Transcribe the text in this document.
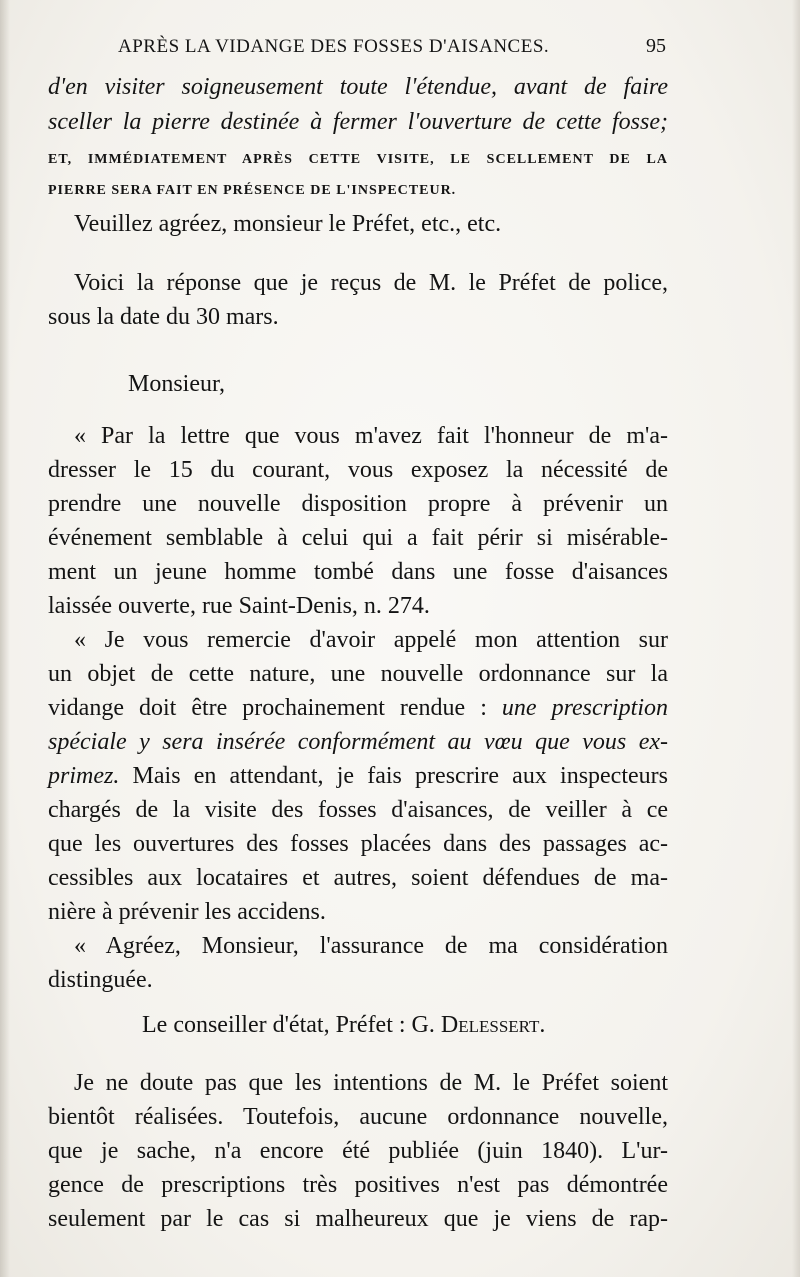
APRÈS LA VIDANGE DES FOSSES D'AISANCES.	95
d'en visiter soigneusement toute l'étendue, avant de faire
sceller la pierre destinée à fermer l'ouverture de cette fosse;
ET, IMMÉDIATEMENT APRÈS CETTE VISITE, LE SCELLEMENT DE LA
PIERRE SERA FAIT EN PRÉSENCE DE L'INSPECTEUR.
Veuillez agréez, monsieur le Préfet, etc., etc.
Voici la réponse que je reçus de M. le Préfet de police,
sous la date du 30 mars.
Monsieur,
« Par la lettre que vous m'avez fait l'honneur de m'a-
dresser le 15 du courant, vous exposez la nécessité de
prendre une nouvelle disposition propre à prévenir un
événement semblable à celui qui a fait périr si misérable-
ment un jeune homme tombé dans une fosse d'aisances
laissée ouverte, rue Saint-Denis, n. 274.
« Je vous remercie d'avoir appelé mon attention sur
un objet de cette nature, une nouvelle ordonnance sur la
vidange doit être prochainement rendue : une prescription
spéciale y sera insérée conformément au vœu que vous ex-
primez. Mais en attendant, je fais prescrire aux inspecteurs
chargés de la visite des fosses d'aisances, de veiller à ce
que les ouvertures des fosses placées dans des passages ac-
cessibles aux locataires et autres, soient défendues de ma-
nière à prévenir les accidens.
« Agréez, Monsieur, l'assurance de ma considération
distinguée.
Le conseiller d'état, Préfet : G. Delessert.
Je ne doute pas que les intentions de M. le Préfet soient
bientôt réalisées. Toutefois, aucune ordonnance nouvelle,
que je sache, n'a encore été publiée (juin 1840). L'ur-
gence de prescriptions très positives n'est pas démontrée
seulement par le cas si malheureux que je viens de rap-
